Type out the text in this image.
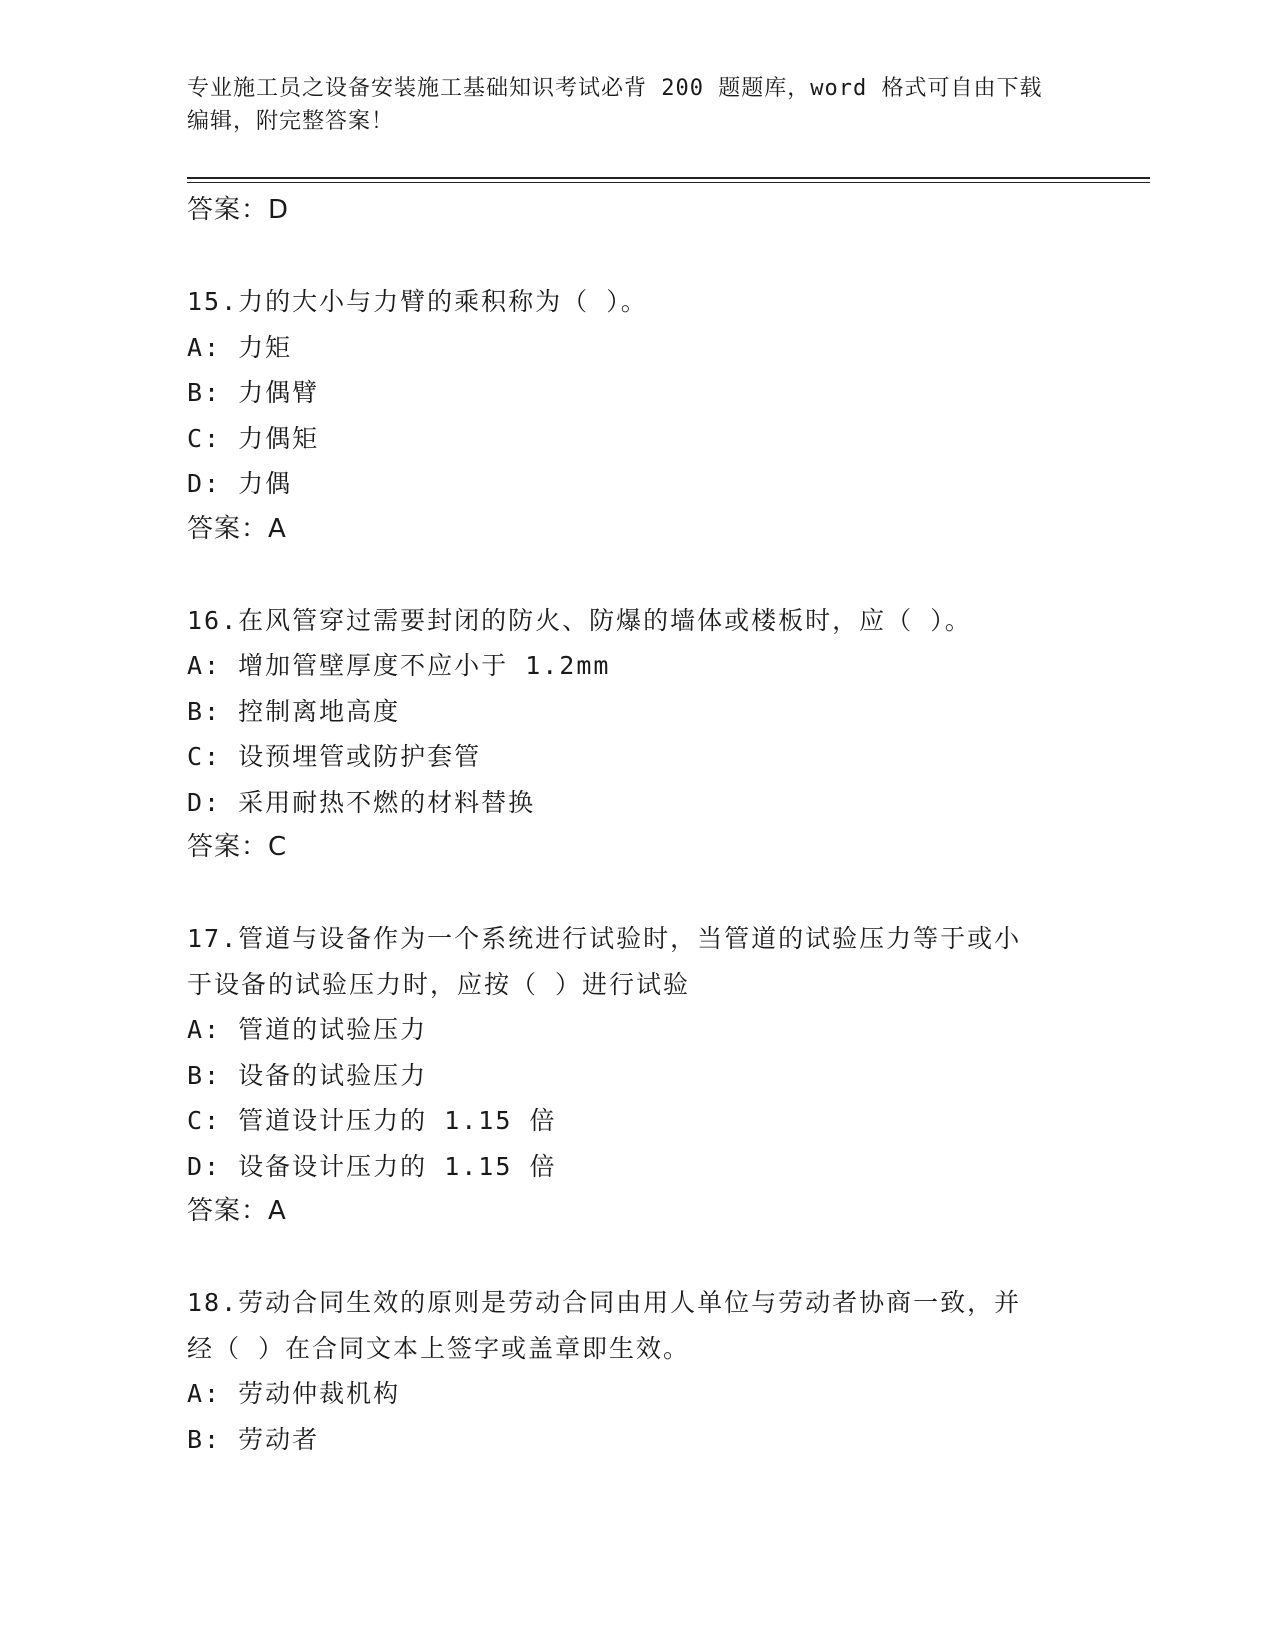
专业施工员之设备安装施工基础知识考试必背 200 题题库，word 格式可自由下载
编辑，附完整答案！
答案：D
15.力的大小与力臂的乘积称为（ ）。
A: 力矩
B: 力偶臂
C: 力偶矩
D: 力偶
答案：A
16.在风管穿过需要封闭的防火、防爆的墙体或楼板时，应（ ）。
A: 增加管壁厚度不应小于 1.2mm
B: 控制离地高度
C: 设预埋管或防护套管
D: 采用耐热不燃的材料替换
答案：C
17.管道与设备作为一个系统进行试验时，当管道的试验压力等于或小
于设备的试验压力时，应按（ ）进行试验
A: 管道的试验压力
B: 设备的试验压力
C: 管道设计压力的 1.15 倍
D: 设备设计压力的 1.15 倍
答案：A
18.劳动合同生效的原则是劳动合同由用人单位与劳动者协商一致，并
经（ ）在合同文本上签字或盖章即生效。
A: 劳动仲裁机构
B: 劳动者
